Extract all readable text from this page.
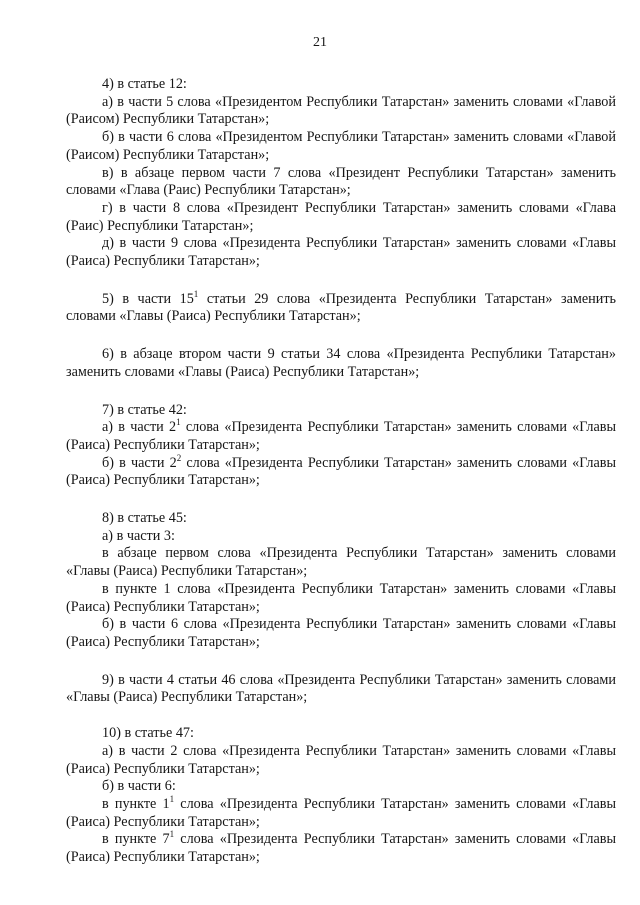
21

4) в статье 12:

а) в части 5 слова «Президентом Республики Татарстан» заменить словами «Главой (Раисом) Республики Татарстан»;

б) в части 6 слова «Президентом Республики Татарстан» заменить словами «Главой (Раисом) Республики Татарстан»;

в) в абзаце первом части 7 слова «Президент Республики Татарстан» заменить словами «Глава (Раис) Республики Татарстан»;

г) в части 8 слова «Президент Республики Татарстан» заменить словами «Глава (Раис) Республики Татарстан»;

д) в части 9 слова «Президента Республики Татарстан» заменить словами «Главы (Раиса) Республики Татарстан»;

5) в части $15^1$ статьи 29 слова «Президента Республики Татарстан» заменить словами «Главы (Раиса) Республики Татарстан»;

6) в абзаце втором части 9 статьи 34 слова «Президента Республики Татарстан» заменить словами «Главы (Раиса) Республики Татарстан»;

7) в статье 42:

а) в части $2^1$ слова «Президента Республики Татарстан» заменить словами «Главы (Раиса) Республики Татарстан»;

б) в части $2^2$ слова «Президента Республики Татарстан» заменить словами «Главы (Раиса) Республики Татарстан»;

8) в статье 45:

а) в части 3:

в абзаце первом слова «Президента Республики Татарстан» заменить словами «Главы (Раиса) Республики Татарстан»;

в пункте 1 слова «Президента Республики Татарстан» заменить словами «Главы (Раиса) Республики Татарстан»;

б) в части 6 слова «Президента Республики Татарстан» заменить словами «Главы (Раиса) Республики Татарстан»;

9) в части 4 статьи 46 слова «Президента Республики Татарстан» заменить словами «Главы (Раиса) Республики Татарстан»;

10) в статье 47:

а) в части 2 слова «Президента Республики Татарстан» заменить словами «Главы (Раиса) Республики Татарстан»;

б) в части 6:

в пункте $1^1$ слова «Президента Республики Татарстан» заменить словами «Главы (Раиса) Республики Татарстан»;

в пункте $7^1$ слова «Президента Республики Татарстан» заменить словами «Главы (Раиса) Республики Татарстан»;
